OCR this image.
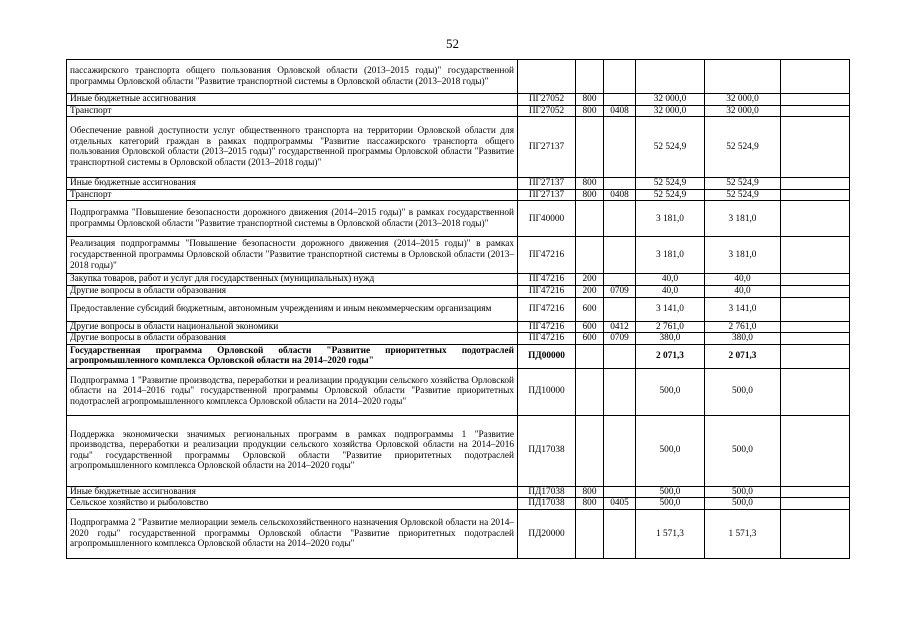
52
пассажирского транспорта общего пользования Орловской области (2013–2015 годы)" государственной программы Орловской области "Развитие транспортной системы в Орловской области (2013–2018 годы)"						
Иные бюджетные ассигнования	ПГ27052	800		32 000,0	32 000,0	
Транспорт	ПГ27052	800	0408	32 000,0	32 000,0	
Обеспечение равной доступности услуг общественного транспорта на территории Орловской области для отдельных категорий граждан в рамках подпрограммы "Развитие пассажирского транспорта общего пользования Орловской области (2013–2015 годы)" государственной программы Орловской области "Развитие транспортной системы в Орловской области (2013–2018 годы)"	ПГ27137			52 524,9	52 524,9	
Иные бюджетные ассигнования	ПГ27137	800		52 524,9	52 524,9	
Транспорт	ПГ27137	800	0408	52 524,9	52 524,9	
Подпрограмма "Повышение безопасности дорожного движения (2014–2015 годы)" в рамках государственной программы Орловской области "Развитие транспортной системы в Орловской области (2013–2018 годы)"	ПГ40000			3 181,0	3 181,0	
Реализация подпрограммы "Повышение безопасности дорожного движения (2014–2015 годы)" в рамках государственной программы Орловской области "Развитие транспортной системы в Орловской области (2013–2018 годы)"	ПГ47216			3 181,0	3 181,0	
Закупка товаров, работ и услуг для государственных (муниципальных) нужд	ПГ47216	200		40,0	40,0	
Другие вопросы в области образования	ПГ47216	200	0709	40,0	40,0	
Предоставление субсидий бюджетным, автономным учреждениям и иным некоммерческим организациям	ПГ47216	600		3 141,0	3 141,0	
Другие вопросы в области национальной экономики	ПГ47216	600	0412	2 761,0	2 761,0	
Другие вопросы в области образования	ПГ47216	600	0709	380,0	380,0	
Государственная программа Орловской области "Развитие приоритетных подотраслей агропромышленного комплекса Орловской области на 2014–2020 годы"	ПД00000			2 071,3	2 071,3	
Подпрограмма 1 "Развитие производства, переработки и реализации продукции сельского хозяйства Орловской области на 2014–2016 годы" государственной программы Орловской области "Развитие приоритетных подотраслей агропромышленного комплекса Орловской области на 2014–2020 годы"	ПД10000			500,0	500,0	
Поддержка экономически значимых региональных программ в рамках подпрограммы 1 "Развитие производства, переработки и реализации продукции сельского хозяйства Орловской области на 2014–2016 годы" государственной программы Орловской области "Развитие приоритетных подотраслей агропромышленного комплекса Орловской области на 2014–2020 годы"	ПД17038			500,0	500,0	
Иные бюджетные ассигнования	ПД17038	800		500,0	500,0	
Сельское хозяйство и рыболовство	ПД17038	800	0405	500,0	500,0	
Подпрограмма 2 "Развитие мелиорации земель сельскохозяйственного назначения Орловской области на 2014–2020 годы" государственной программы Орловской области "Развитие приоритетных подотраслей агропромышленного комплекса Орловской области на 2014–2020 годы"	ПД20000			1 571,3	1 571,3	
